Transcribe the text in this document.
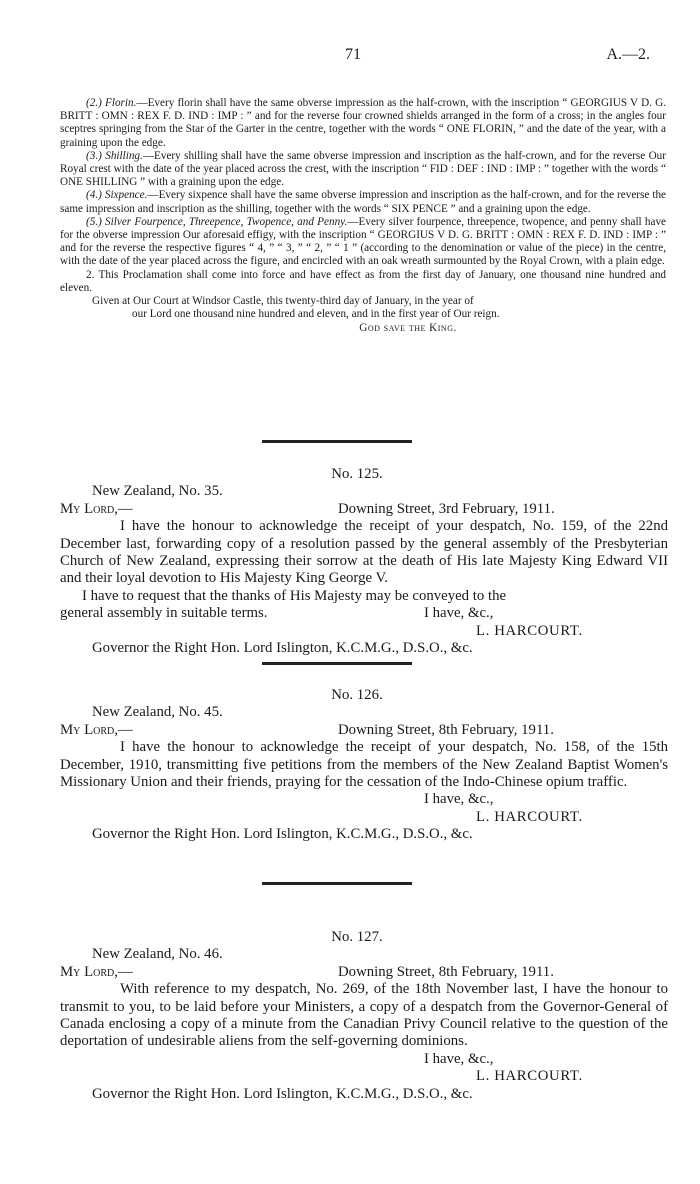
71	A.—2.

(2.) Florin.—Every florin shall have the same obverse impression as the half-crown, with the inscription “ GEORGIUS V D. G. BRITT : OMN : REX F. D. IND : IMP : ” and for the reverse four crowned shields arranged in the form of a cross; in the angles four sceptres springing from the Star of the Garter in the centre, together with the words “ ONE FLORIN, ” and the date of the year, with a graining upon the edge.

(3.) Shilling.—Every shilling shall have the same obverse impression and inscription as the half-crown, and for the reverse Our Royal crest with the date of the year placed across the crest, with the inscription “ FID : DEF : IND : IMP : ” together with the words “ ONE SHILLING ” with a graining upon the edge.

(4.) Sixpence.—Every sixpence shall have the same obverse impression and inscription as the half-crown, and for the reverse the same impression and inscription as the shilling, together with the words “ SIX PENCE ” and a graining upon the edge.

(5.) Silver Fourpence, Threepence, Twopence, and Penny.—Every silver fourpence, threepence, twopence, and penny shall have for the obverse impression Our aforesaid effigy, with the inscription “ GEORGIUS V D. G. BRITT : OMN : REX F. D. IND : IMP : ” and for the reverse the respective figures “ 4, ” “ 3, ” “ 2, ” “ 1 ” (according to the denomination or value of the piece) in the centre, with the date of the year placed across the figure, and encircled with an oak wreath surmounted by the Royal Crown, with a plain edge.

2. This Proclamation shall come into force and have effect as from the first day of January, one thousand nine hundred and eleven.

Given at Our Court at Windsor Castle, this twenty-third day of January, in the year of
our Lord one thousand nine hundred and eleven, and in the first year of Our reign.

God save the King.

No. 125.
New Zealand, No. 35.
My Lord,—	Downing Street, 3rd February, 1911.
I have the honour to acknowledge the receipt of your despatch, No. 159, of the 22nd December last, forwarding copy of a resolution passed by the general assembly of the Presbyterian Church of New Zealand, expressing their sorrow at the death of His late Majesty King Edward VII and their loyal devotion to His Majesty King George V.
I have to request that the thanks of His Majesty may be conveyed to the
general assembly in suitable terms.	I have, &c.,
L. HARCOURT.
Governor the Right Hon. Lord Islington, K.C.M.G., D.S.O., &c.
No. 126.
New Zealand, No. 45.
My Lord,—	Downing Street, 8th February, 1911.
I have the honour to acknowledge the receipt of your despatch, No. 158, of the 15th December, 1910, transmitting five petitions from the members of the New Zealand Baptist Women's Missionary Union and their friends, praying for the cessation of the Indo-Chinese opium traffic.
I have, &c.,
L. HARCOURT.
Governor the Right Hon. Lord Islington, K.C.M.G., D.S.O., &c.
No. 127.
New Zealand, No. 46.
My Lord,—	Downing Street, 8th February, 1911.
With reference to my despatch, No. 269, of the 18th November last, I have the honour to transmit to you, to be laid before your Ministers, a copy of a despatch from the Governor-General of Canada enclosing a copy of a minute from the Canadian Privy Council relative to the question of the deportation of undesirable aliens from the self-governing dominions.
I have, &c.,
L. HARCOURT.
Governor the Right Hon. Lord Islington, K.C.M.G., D.S.O., &c.
